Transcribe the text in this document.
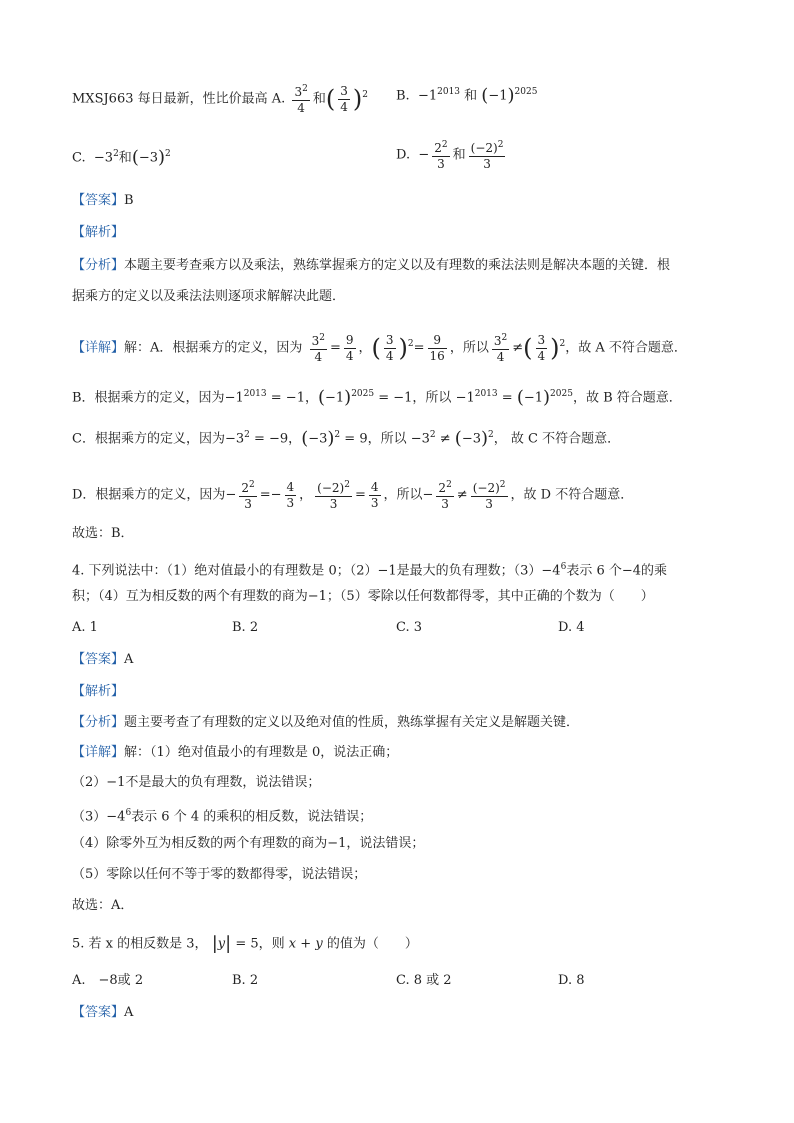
MXSJ663 每日最新，性比价最高 A. $\frac{3^2}{4}$ 和( $\frac{3}{4} )^2$ B.  $-1^{2013}$ 和 $(-1)^{2025}$
C.  $-3^2$和$(-3)^2$	D.  − $\frac{2^2}{3}$ 和 $\frac{(-2)^2}{3}$
【答案】B
【解析】
【分析】本题主要考查乘方以及乘法，熟练掌握乘方的定义以及有理数的乘法法则是解决本题的关键．根
据乘方的定义以及乘法法则逐项求解解决此题．
【详解】解：A．根据乘方的定义，因为 $\frac{3^2}{4} = \frac{9}{4}$ ，( $\frac{3}{4} )^2= \frac{9}{16}$ ，所以 $\frac{3^2}{4}$ ≠( $\frac{3}{4} )^2$，故 A 不符合题意．
B．根据乘方的定义，因为$-1^{2013} = -1$，$(-1)^{2025} = -1$，所以 $-1^{2013} = (-1)^{2025}$，故 B 符合题意．
C．根据乘方的定义，因为$-3^2 = -9$，$(-3)^2 = 9$，所以 $-3^2 \ne (-3)^2$， 故 C 不符合题意．
D．根据乘方的定义，因为− $\frac{2^2}{3} =- \frac{4}{3}$ ， $\frac{(-2)^2}{3} = \frac{4}{3}$ ，所以− $\frac{2^2}{3} \ne \frac{(-2)^2}{3}$ ，故 D 不符合题意．
故选：B．
4. 下列说法中：（1）绝对值最小的有理数是 0；（2）−1是最大的负有理数；$(3)-4^6$表示 6 个−4的乘
积；（4）互为相反数的两个有理数的商为−1；（5）零除以任何数都得零，其中正确的个数为（　　）
A. 1	B. 2	C. 3	D. 4
【答案】A
【解析】
【分析】题主要考查了有理数的定义以及绝对值的性质，熟练掌握有关定义是解题关键．
【详解】解：（1）绝对值最小的有理数是 0，说法正确；
（2）−1不是最大的负有理数，说法错误；
$(3)-4^6$表示 6 个 4 的乘积的相反数，说法错误；
（4）除零外互为相反数的两个有理数的商为−1，说法错误；
（5）零除以任何不等于零的数都得零，说法错误；
故选：A．
5. 若 x 的相反数是 3， |y| = 5，则 x + y 的值为（　　）
A.　−8或 2	B. 2	C. 8 或 2	D. 8
【答案】A
